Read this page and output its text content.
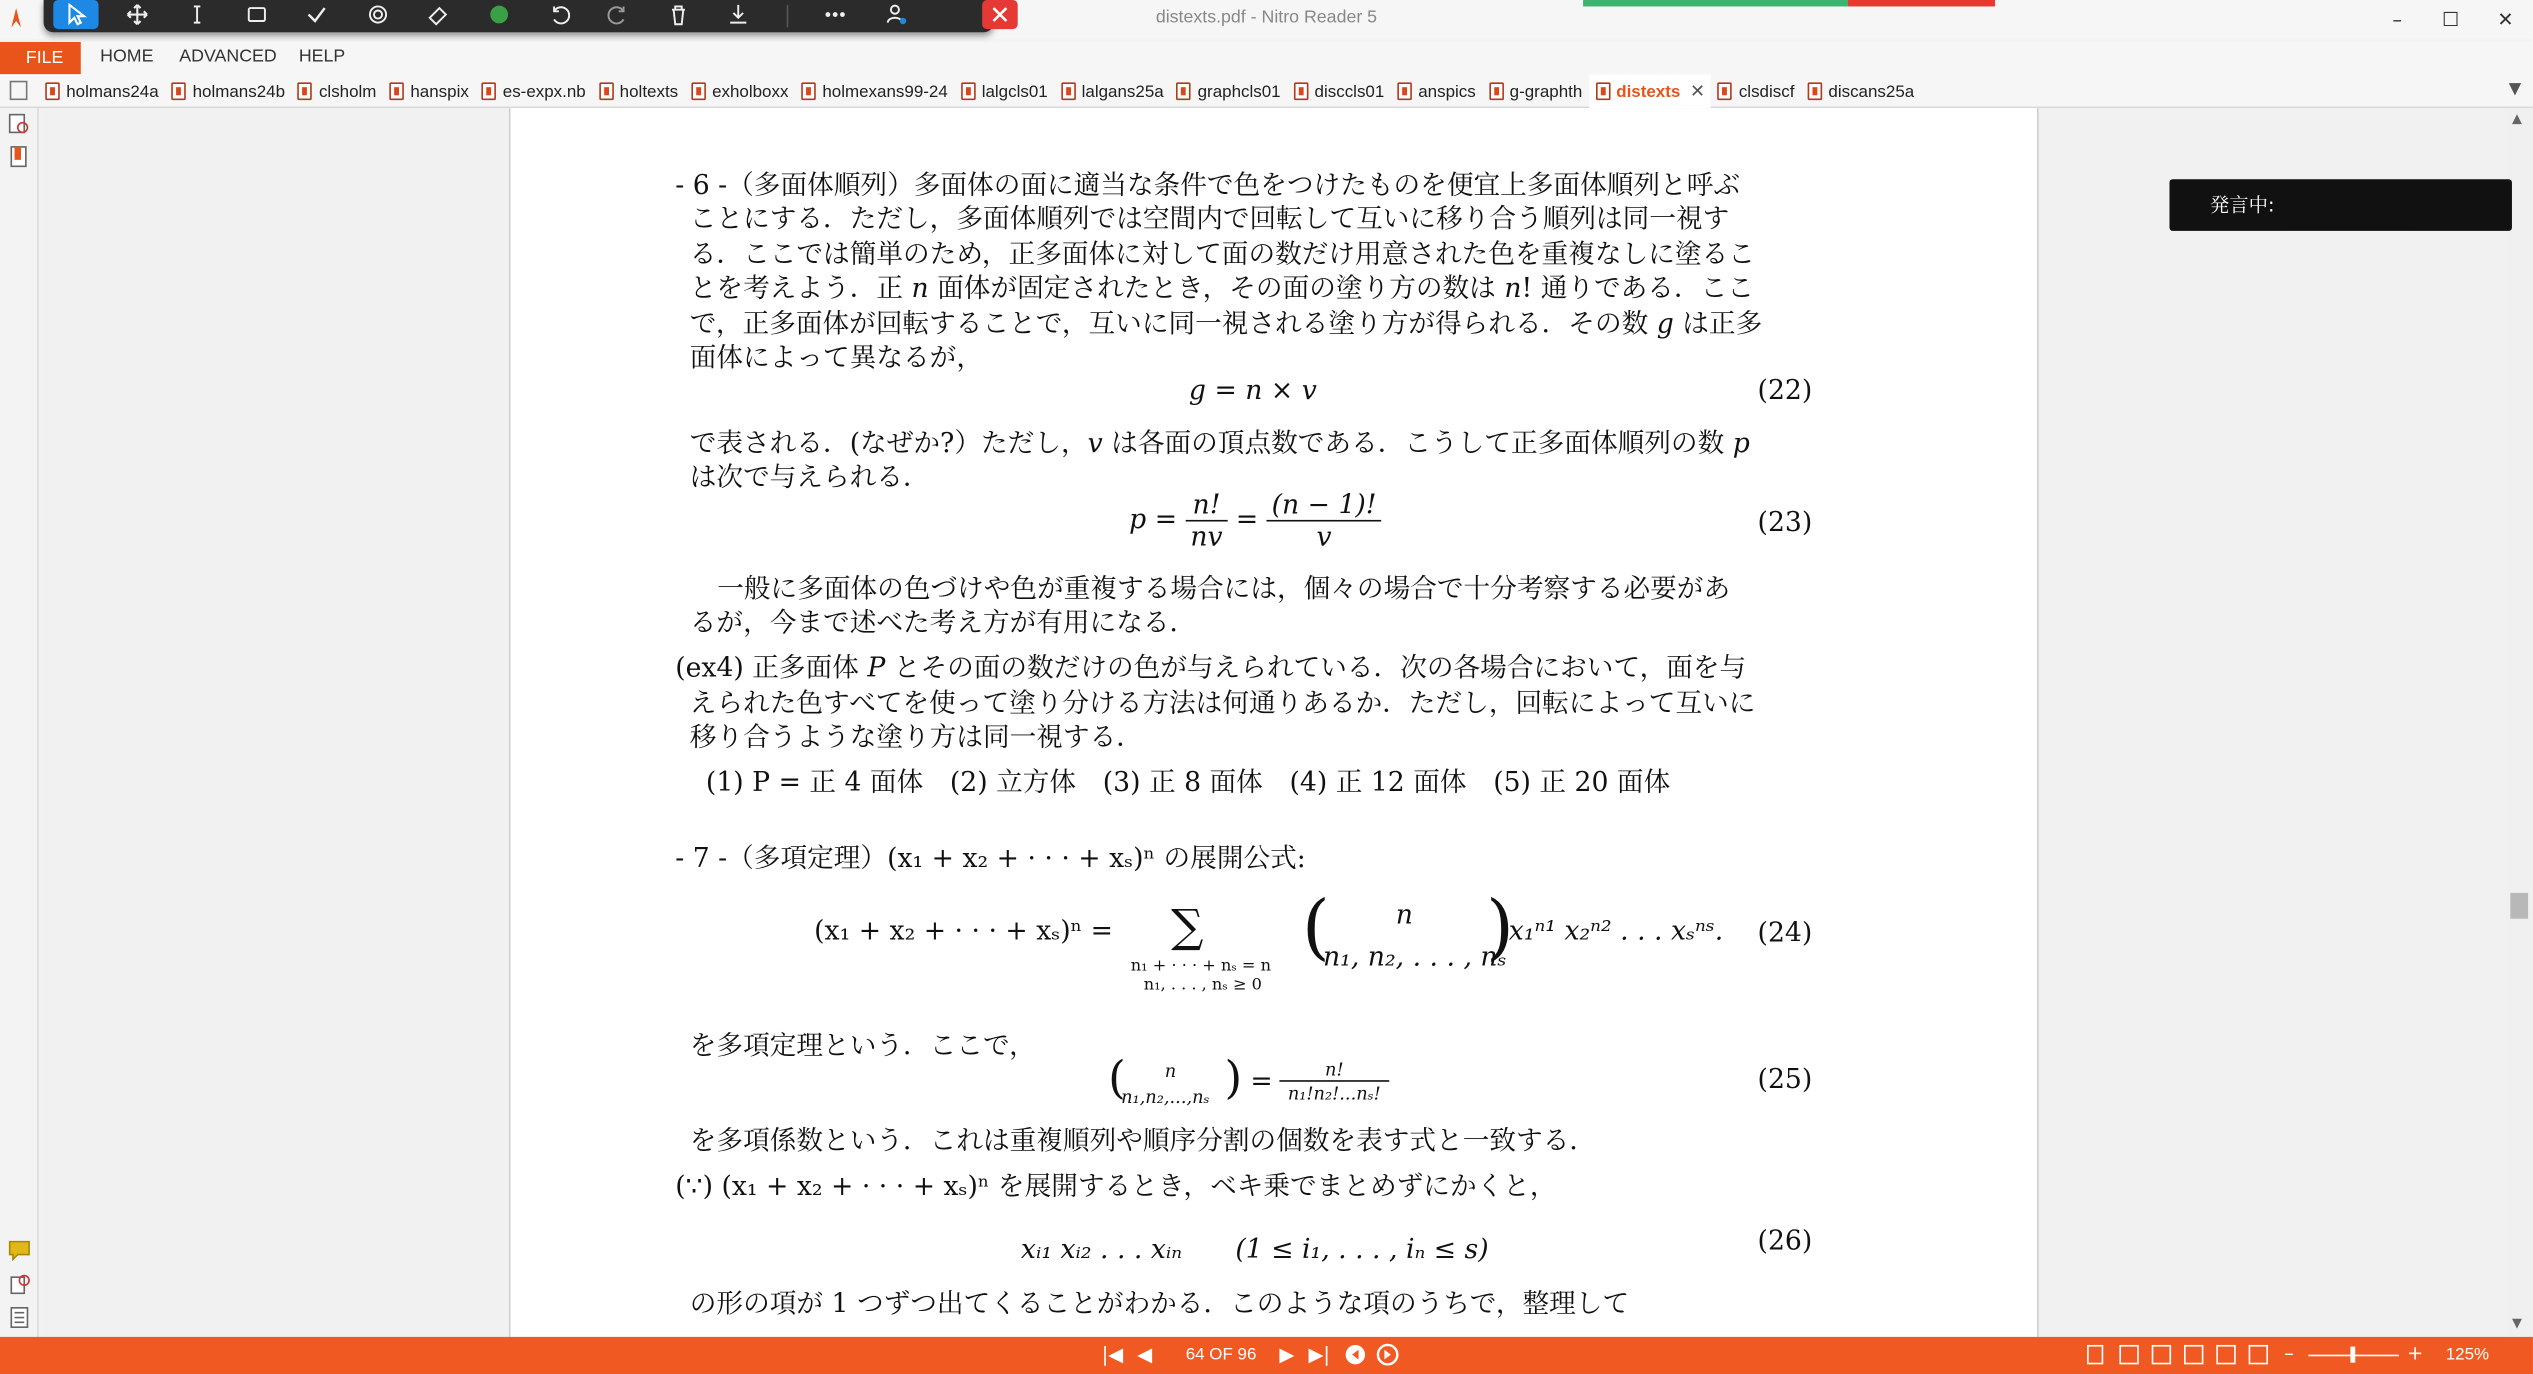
distexts.pdf - Nitro Reader 5	–	☐	✕
FILE	HOME ADVANCED HELP
holmans24a	holmans24b	clsholm	hanspix	es-expx.nb	holtexts	exholboxx	holmexans99-24	lalgcls01	lalgans25a	graphcls01	disccls01	anspics	g-graphth	distexts ✕	clsdiscf	discans25a	▼
- 6 -（多面体順列）多面体の面に適当な条件で色をつけたものを便宜上多面体順列と呼ぶ
ことにする．ただし，多面体順列では空間内で回転して互いに移り合う順列は同一視す
る．ここでは簡単のため，正多面体に対して面の数だけ用意された色を重複なしに塗るこ
とを考えよう．正 n 面体が固定されたとき，その面の塗り方の数は n! 通りである．ここ
で，正多面体が回転することで，互いに同一視される塗り方が得られる．その数 g は正多
面体によって異なるが，
g = n × v	(22)
で表される．(なぜか?）ただし，v は各面の頂点数である．こうして正多面体順列の数 p
は次で与えられる．
$p = \frac{n!}{nv} = \frac{(n - 1)!}{v}$	(23)
一般に多面体の色づけや色が重複する場合には，個々の場合で十分考察する必要があ
るが，今まで述べた考え方が有用になる．
(ex4) 正多面体 P とその面の数だけの色が与えられている．次の各場合において，面を与
えられた色すべてを使って塗り分ける方法は何通りあるか．ただし，回転によって互いに
移り合うような塗り方は同一視する．
(1) P = 正 4 面体　(2) 立方体　(3) 正 8 面体　(4) 正 12 面体　(5) 正 20 面体
- 7 -（多項定理）(x₁ + x₂ + · · · + xₛ)ⁿ の展開公式:
(x₁ + x₂ + · · · + xₛ)ⁿ = ∑
n₁ + · · · + nₛ = n
n₁, . . . , nₛ ≥ 0
(	n
n₁, n₂, . . . , nₛ
)
x₁ⁿ¹ x₂ⁿ² . . . xₛⁿˢ. (24)
を多項定理という．ここで，
(	n
n₁,n₂,...,nₛ ) =	n!
n₁!n₂!...nₛ!	(25)
を多項係数という．これは重複順列や順序分割の個数を表す式と一致する．
(∵) (x₁ + x₂ + · · · + xₛ)ⁿ を展開するとき，ベキ乗でまとめずにかくと，
xᵢ₁ xᵢ₂ . . . xᵢₙ　　(1 ≤ i₁, . . . , iₙ ≤ s)	(26)
の形の項が 1 つずつ出てくることがわかる．このような項のうちで，整理して
▲
▼
発言中:
|◀ ◀	64 OF 96 ▶ ▶|	–	+ 125%
